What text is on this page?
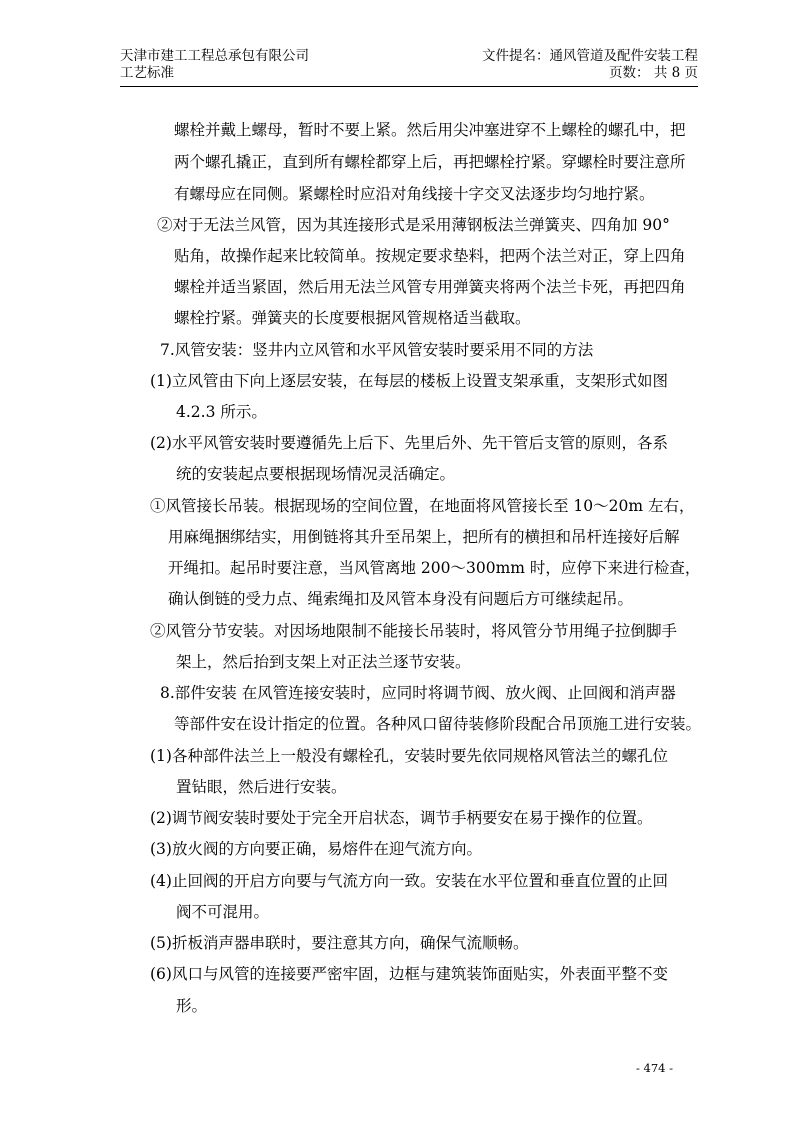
天津市建工工程总承包有限公司
工艺标准
文件提名：通风管道及配件安装工程
页数： 共 8 页
螺栓并戴上螺母，暂时不要上紧。然后用尖冲塞进穿不上螺栓的螺孔中，把
两个螺孔撬正，直到所有螺栓都穿上后，再把螺栓拧紧。穿螺栓时要注意所
有螺母应在同侧。紧螺栓时应沿对角线接十字交叉法逐步均匀地拧紧。
②对于无法兰风管，因为其连接形式是采用薄钢板法兰弹簧夹、四角加 90°
贴角，故操作起来比较简单。按规定要求垫料，把两个法兰对正，穿上四角
螺栓并适当紧固，然后用无法兰风管专用弹簧夹将两个法兰卡死，再把四角
螺栓拧紧。弹簧夹的长度要根据风管规格适当截取。
7.风管安装：竖井内立风管和水平风管安装时要采用不同的方法
(1)立风管由下向上逐层安装，在每层的楼板上设置支架承重，支架形式如图
4.2.3 所示。
(2)水平风管安装时要遵循先上后下、先里后外、先干管后支管的原则，各系
统的安装起点要根据现场情况灵活确定。
①风管接长吊装。根据现场的空间位置，在地面将风管接长至 10～20m 左右，
用麻绳捆绑结实，用倒链将其升至吊架上，把所有的横担和吊杆连接好后解
开绳扣。起吊时要注意，当风管离地 200～300mm 时，应停下来进行检查，
确认倒链的受力点、绳索绳扣及风管本身没有问题后方可继续起吊。
②风管分节安装。对因场地限制不能接长吊装时，将风管分节用绳子拉倒脚手
架上，然后抬到支架上对正法兰逐节安装。
8.部件安装 在风管连接安装时，应同时将调节阀、放火阀、止回阀和消声器
等部件安在设计指定的位置。各种风口留待装修阶段配合吊顶施工进行安装。
(1)各种部件法兰上一般没有螺栓孔，安装时要先依同规格风管法兰的螺孔位
置钻眼，然后进行安装。
(2)调节阀安装时要处于完全开启状态，调节手柄要安在易于操作的位置。
(3)放火阀的方向要正确，易熔件在迎气流方向。
(4)止回阀的开启方向要与气流方向一致。安装在水平位置和垂直位置的止回
阀不可混用。
(5)折板消声器串联时，要注意其方向，确保气流顺畅。
(6)风口与风管的连接要严密牢固，边框与建筑装饰面贴实，外表面平整不变
形。
- 474 -
